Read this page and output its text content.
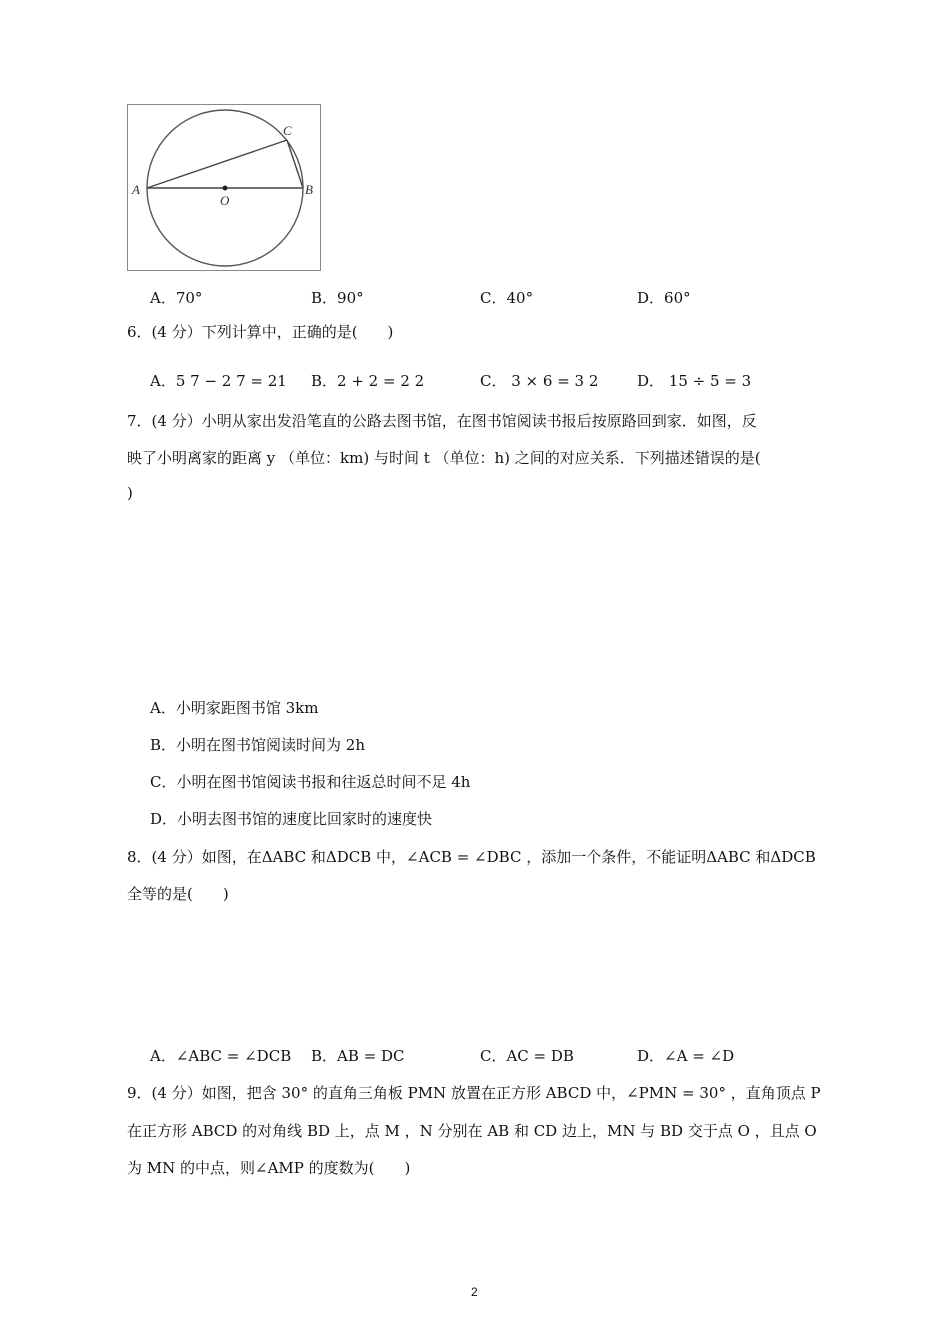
A	B
C
O
A．70°	B．90°	C．40°	D．60°
6．(4 分）下列计算中，正确的是(　　)
A．5 7 − 2 7 = 21 B．2 + 2 = 2 2	C． 3 × 6 = 3 2	D． 15 ÷ 5 = 3
7．(4 分）小明从家出发沿笔直的公路去图书馆，在图书馆阅读书报后按原路回到家．如图，反
映了小明离家的距离 y （单位：km) 与时间 t （单位：h) 之间的对应关系．下列描述错误的是(
)
A．小明家距图书馆 3km
B．小明在图书馆阅读时间为 2h
C．小明在图书馆阅读书报和往返总时间不足 4h
D．小明去图书馆的速度比回家时的速度快
8．(4 分）如图，在ΔABC 和ΔDCB 中，∠ACB = ∠DBC ，添加一个条件，不能证明ΔABC 和ΔDCB
全等的是(　　)
A．∠ABC = ∠DCB B．AB = DC	C．AC = DB	D．∠A = ∠D
9．(4 分）如图，把含 30° 的直角三角板 PMN 放置在正方形 ABCD 中，∠PMN = 30° ，直角顶点 P
在正方形 ABCD 的对角线 BD 上，点 M ，N 分别在 AB 和 CD 边上，MN 与 BD 交于点 O ，且点 O
为 MN 的中点，则∠AMP 的度数为(　　)
2
